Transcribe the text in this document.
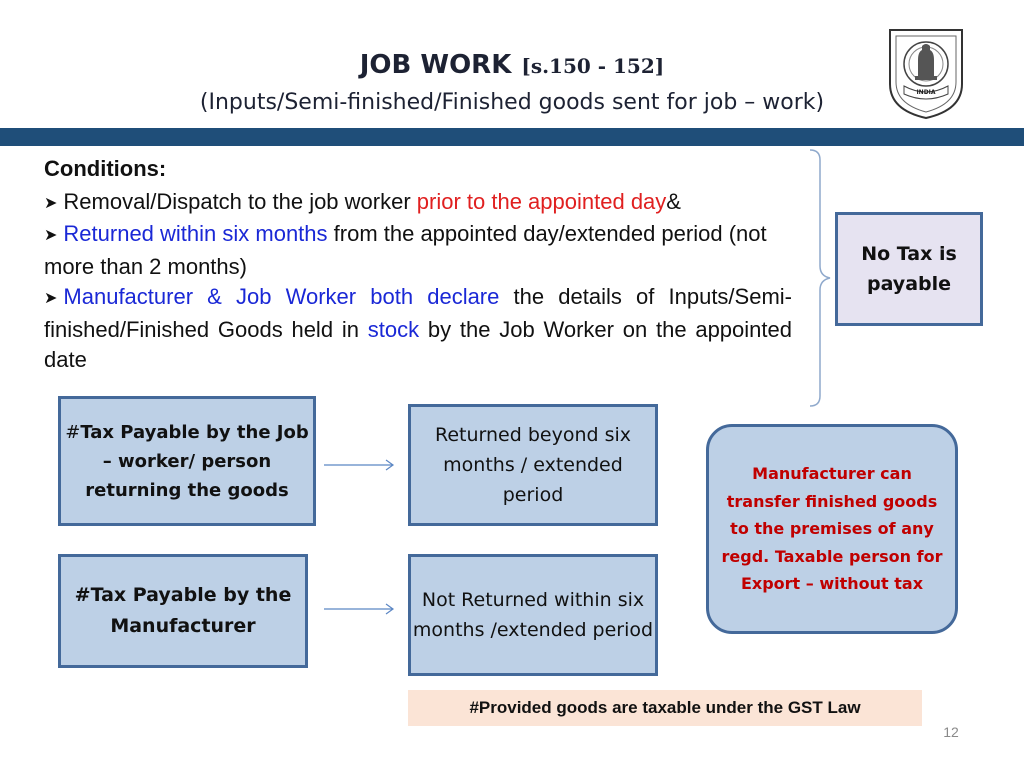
JOB WORK [s.150 - 152]
(Inputs/Semi-finished/Finished goods sent for job – work)	INDIA
Conditions:
➤ Removal/Dispatch to the job worker prior to the appointed day&
➤ Returned within six months from the appointed day/extended period (not more than 2 months)
➤ Manufacturer & Job Worker both declare the details of Inputs/Semi-finished/Finished Goods held in stock by the Job Worker on the appointed date
No Tax is payable
#Tax Payable by the Job – worker/ person returning the goods
Returned beyond six months / extended period
#Tax Payable by the Manufacturer
Not Returned within six months /extended period
Manufacturer can transfer finished goods to the premises of any regd. Taxable person for Export – without tax
#Provided goods are taxable under the GST Law
12
